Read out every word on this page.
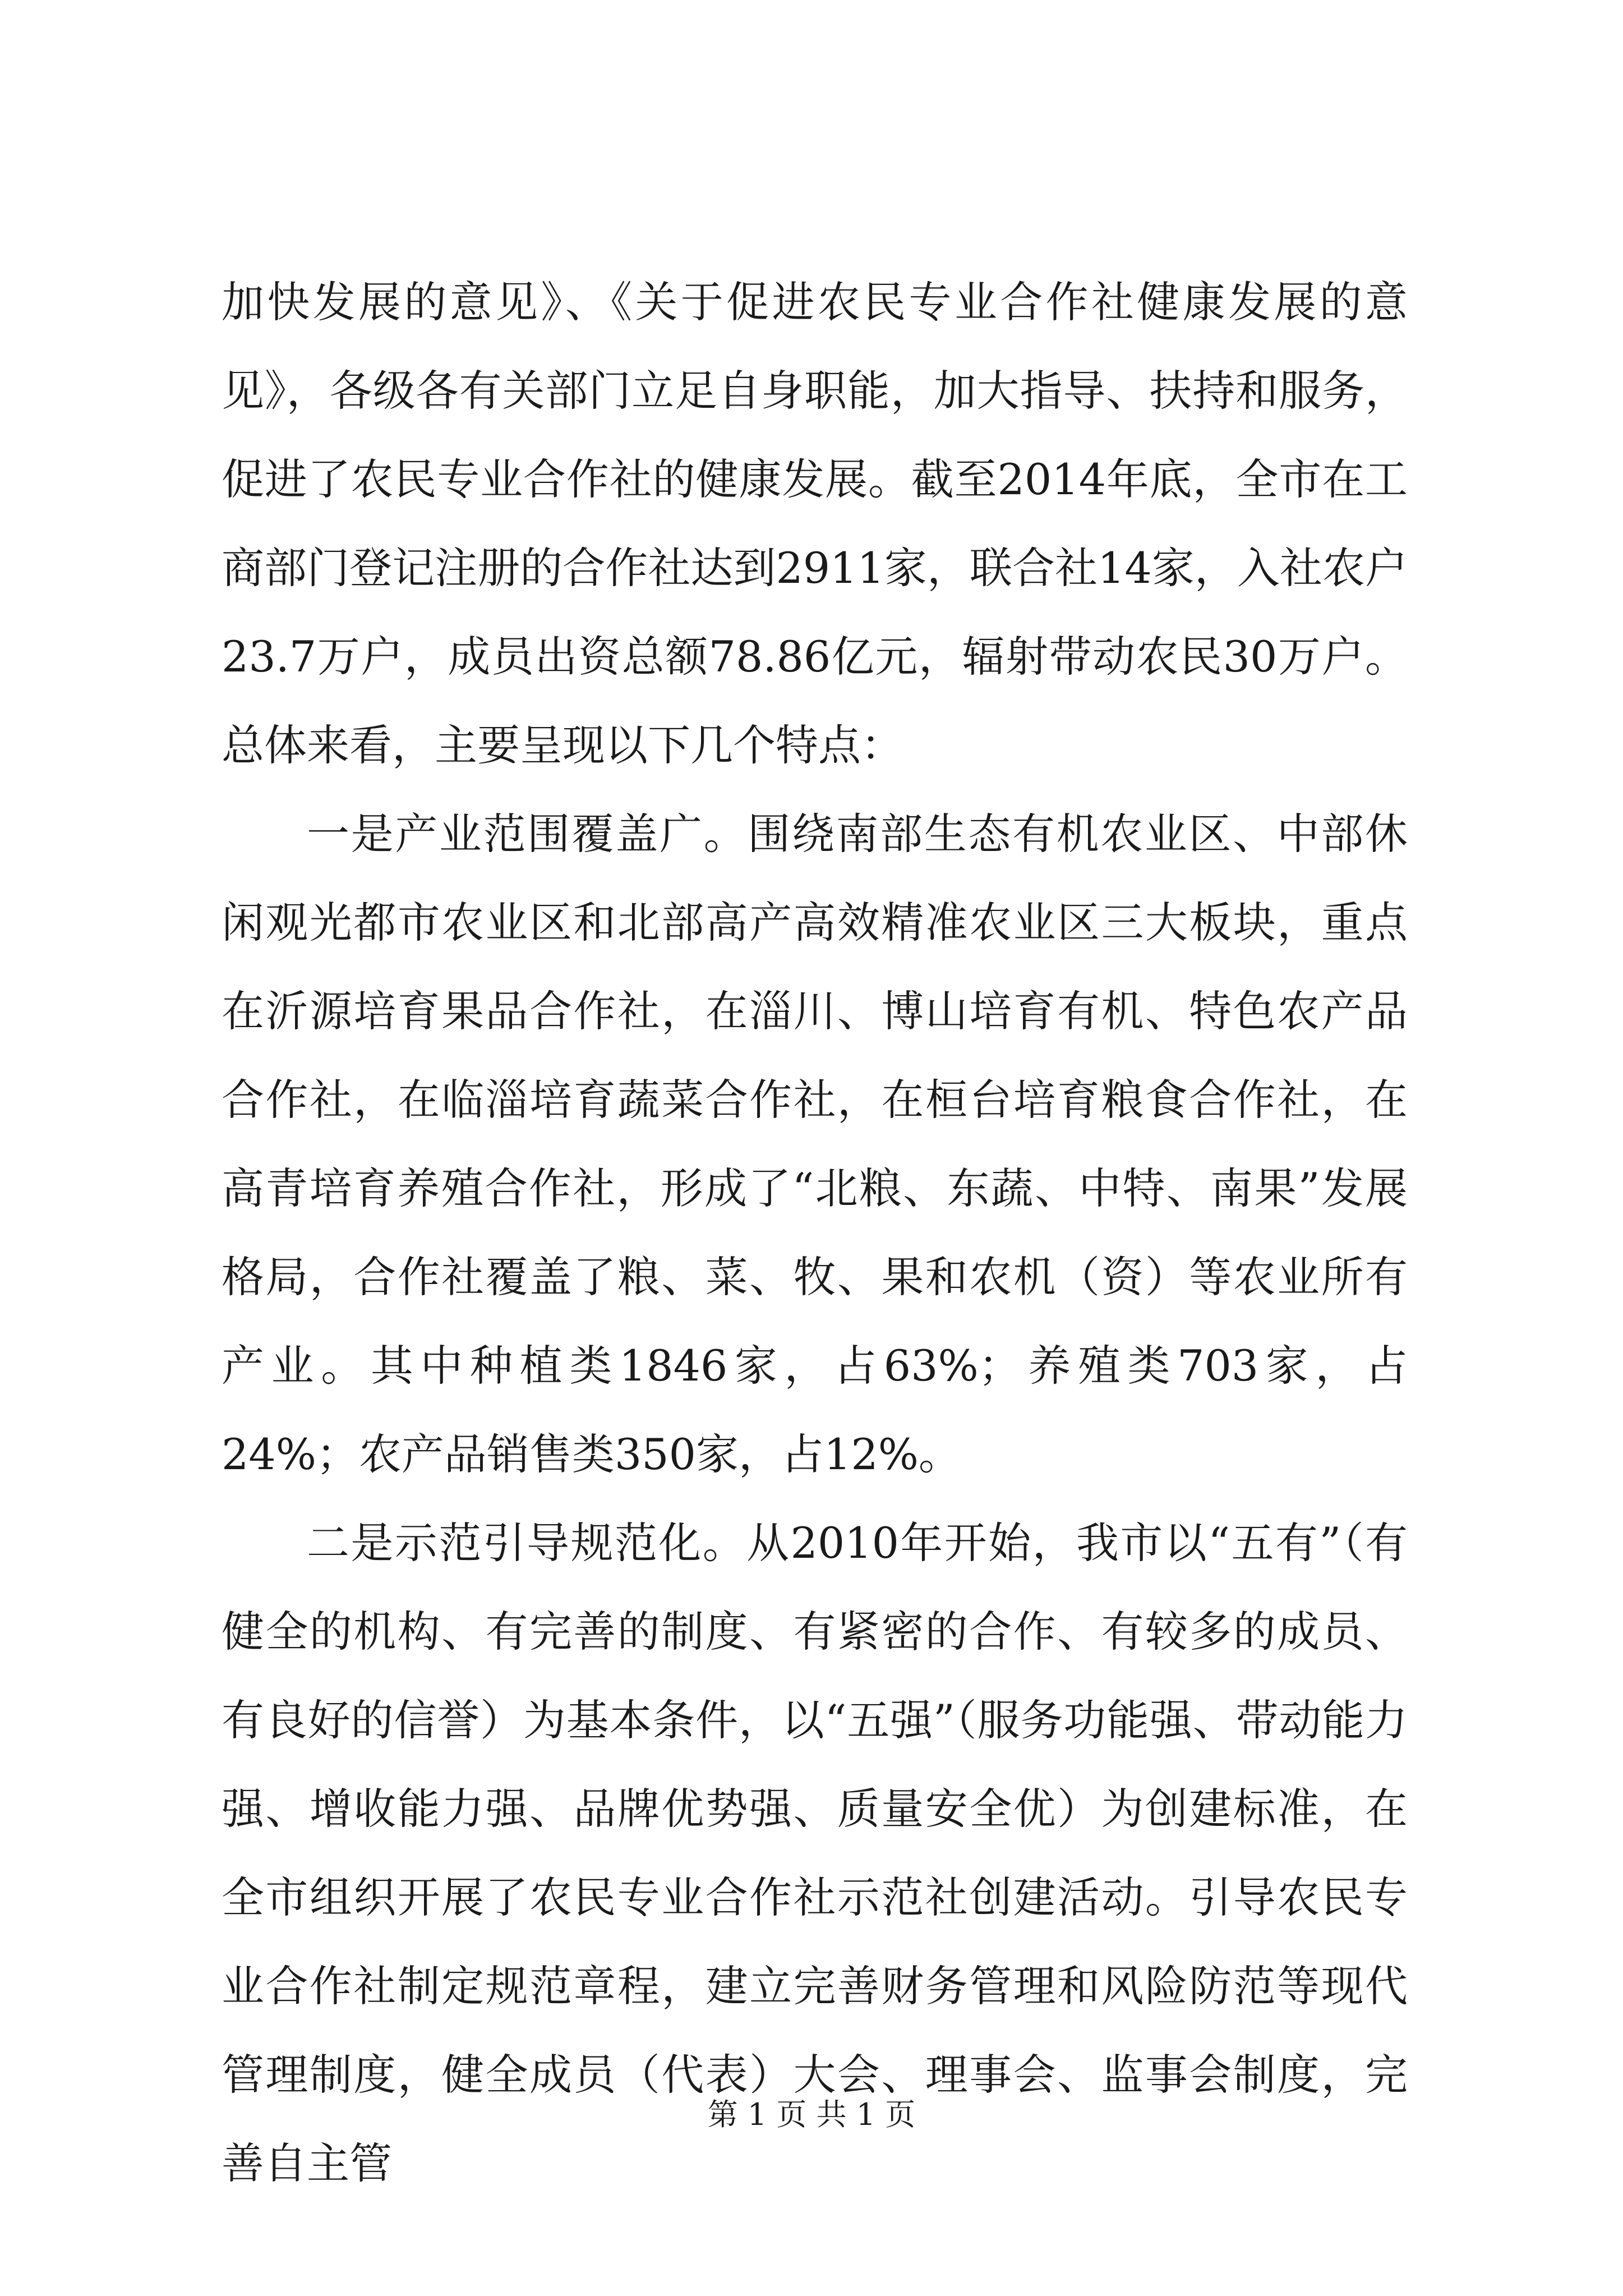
加快发展的意见》、《关于促进农民专业合作社健康发展的意见》，各级各有关部门立足自身职能，加大指导、扶持和服务，促进了农民专业合作社的健康发展。截至2014年底，全市在工商部门登记注册的合作社达到2911家，联合社14家，入社农户23.7万户，成员出资总额78.86亿元，辐射带动农民30万户。总体来看，主要呈现以下几个特点：

一是产业范围覆盖广。围绕南部生态有机农业区、中部休闲观光都市农业区和北部高产高效精准农业区三大板块，重点在沂源培育果品合作社，在淄川、博山培育有机、特色农产品合作社，在临淄培育蔬菜合作社，在桓台培育粮食合作社，在高青培育养殖合作社，形成了“北粮、东蔬、中特、南果”发展格局，合作社覆盖了粮、菜、牧、果和农机（资）等农业所有产业。其中种植类1846家，占63%；养殖类703家，占24%；农产品销售类350家，占12%。

二是示范引导规范化。从2010年开始，我市以“五有”（有健全的机构、有完善的制度、有紧密的合作、有较多的成员、有良好的信誉）为基本条件，以“五强”（服务功能强、带动能力强、增收能力强、品牌优势强、质量安全优）为创建标准，在全市组织开展了农民专业合作社示范社创建活动。引导农民专业合作社制定规范章程，建立完善财务管理和风险防范等现代管理制度，健全成员（代表）大会、理事会、监事会制度，完善自主管

第 1 页 共 1 页
